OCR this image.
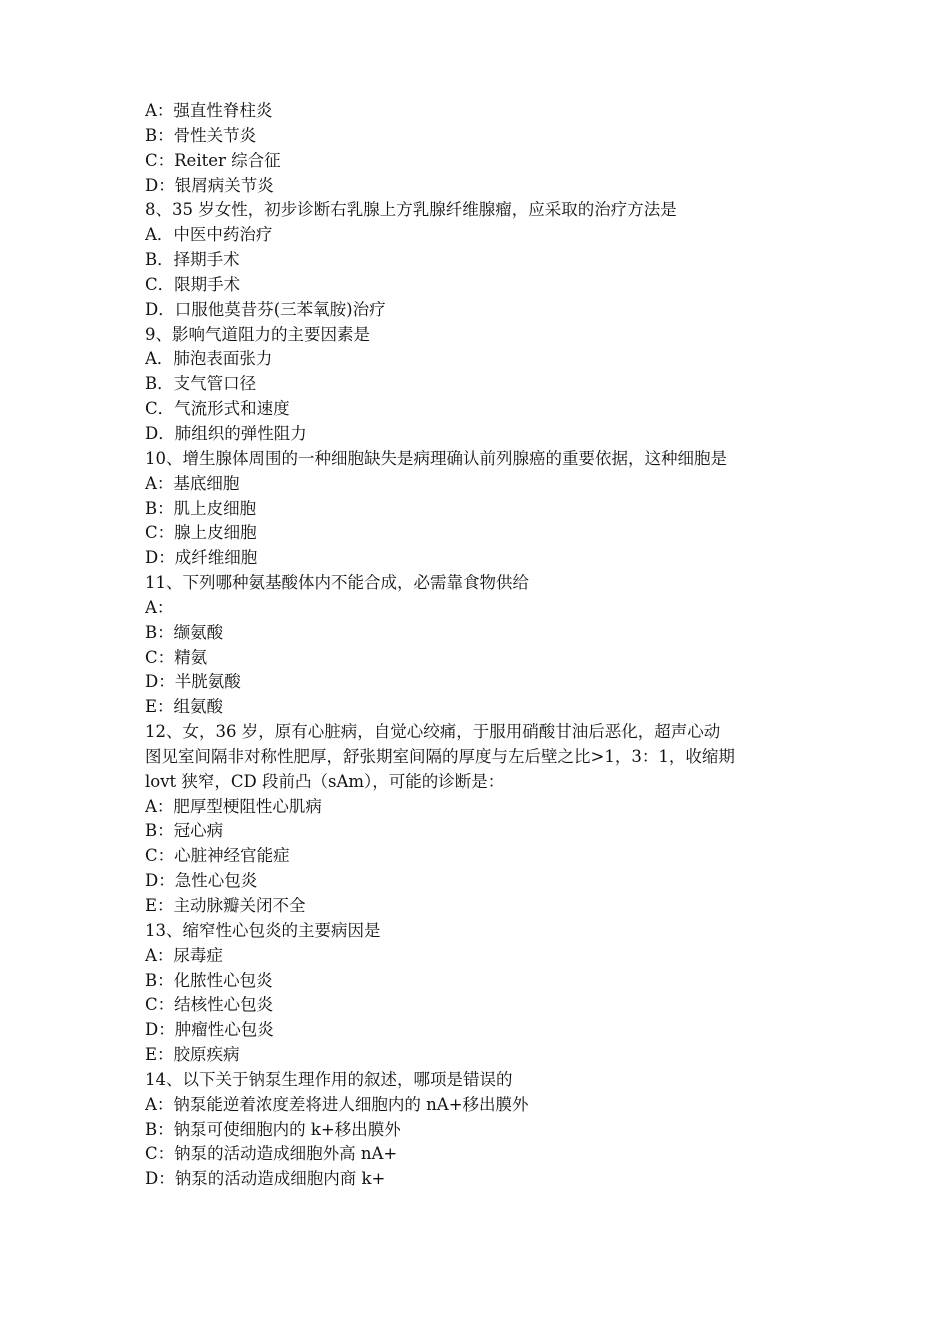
A：强直性脊柱炎
B：骨性关节炎
C：Reiter 综合征
D：银屑病关节炎
8、35 岁女性，初步诊断右乳腺上方乳腺纤维腺瘤，应采取的治疗方法是
A．中医中药治疗
B．择期手术
C．限期手术
D．口服他莫昔芬(三苯氧胺)治疗
9、影响气道阻力的主要因素是
A．肺泡表面张力
B．支气管口径
C．气流形式和速度
D．肺组织的弹性阻力
10、增生腺体周围的一种细胞缺失是病理确认前列腺癌的重要依据，这种细胞是
A：基底细胞
B：肌上皮细胞
C：腺上皮细胞
D：成纤维细胞
11、下列哪种氨基酸体内不能合成，必需靠食物供给
A：
B：缬氨酸
C：精氨
D：半胱氨酸
E：组氨酸
12、女，36 岁，原有心脏病，自觉心绞痛，于服用硝酸甘油后恶化，超声心动
图见室间隔非对称性肥厚，舒张期室间隔的厚度与左后壁之比>1，3：1，收缩期
lovt 狭窄，CD 段前凸（sAm），可能的诊断是：
A：肥厚型梗阻性心肌病
B：冠心病
C：心脏神经官能症
D：急性心包炎
E：主动脉瓣关闭不全
13、缩窄性心包炎的主要病因是
A：尿毒症
B：化脓性心包炎
C：结核性心包炎
D：肿瘤性心包炎
E：胶原疾病
14、以下关于钠泵生理作用的叙述，哪项是错误的
A：钠泵能逆着浓度差将进人细胞内的 nA+移出膜外
B：钠泵可使细胞内的 k+移出膜外
C：钠泵的活动造成细胞外高 nA+
D：钠泵的活动造成细胞内商 k+
